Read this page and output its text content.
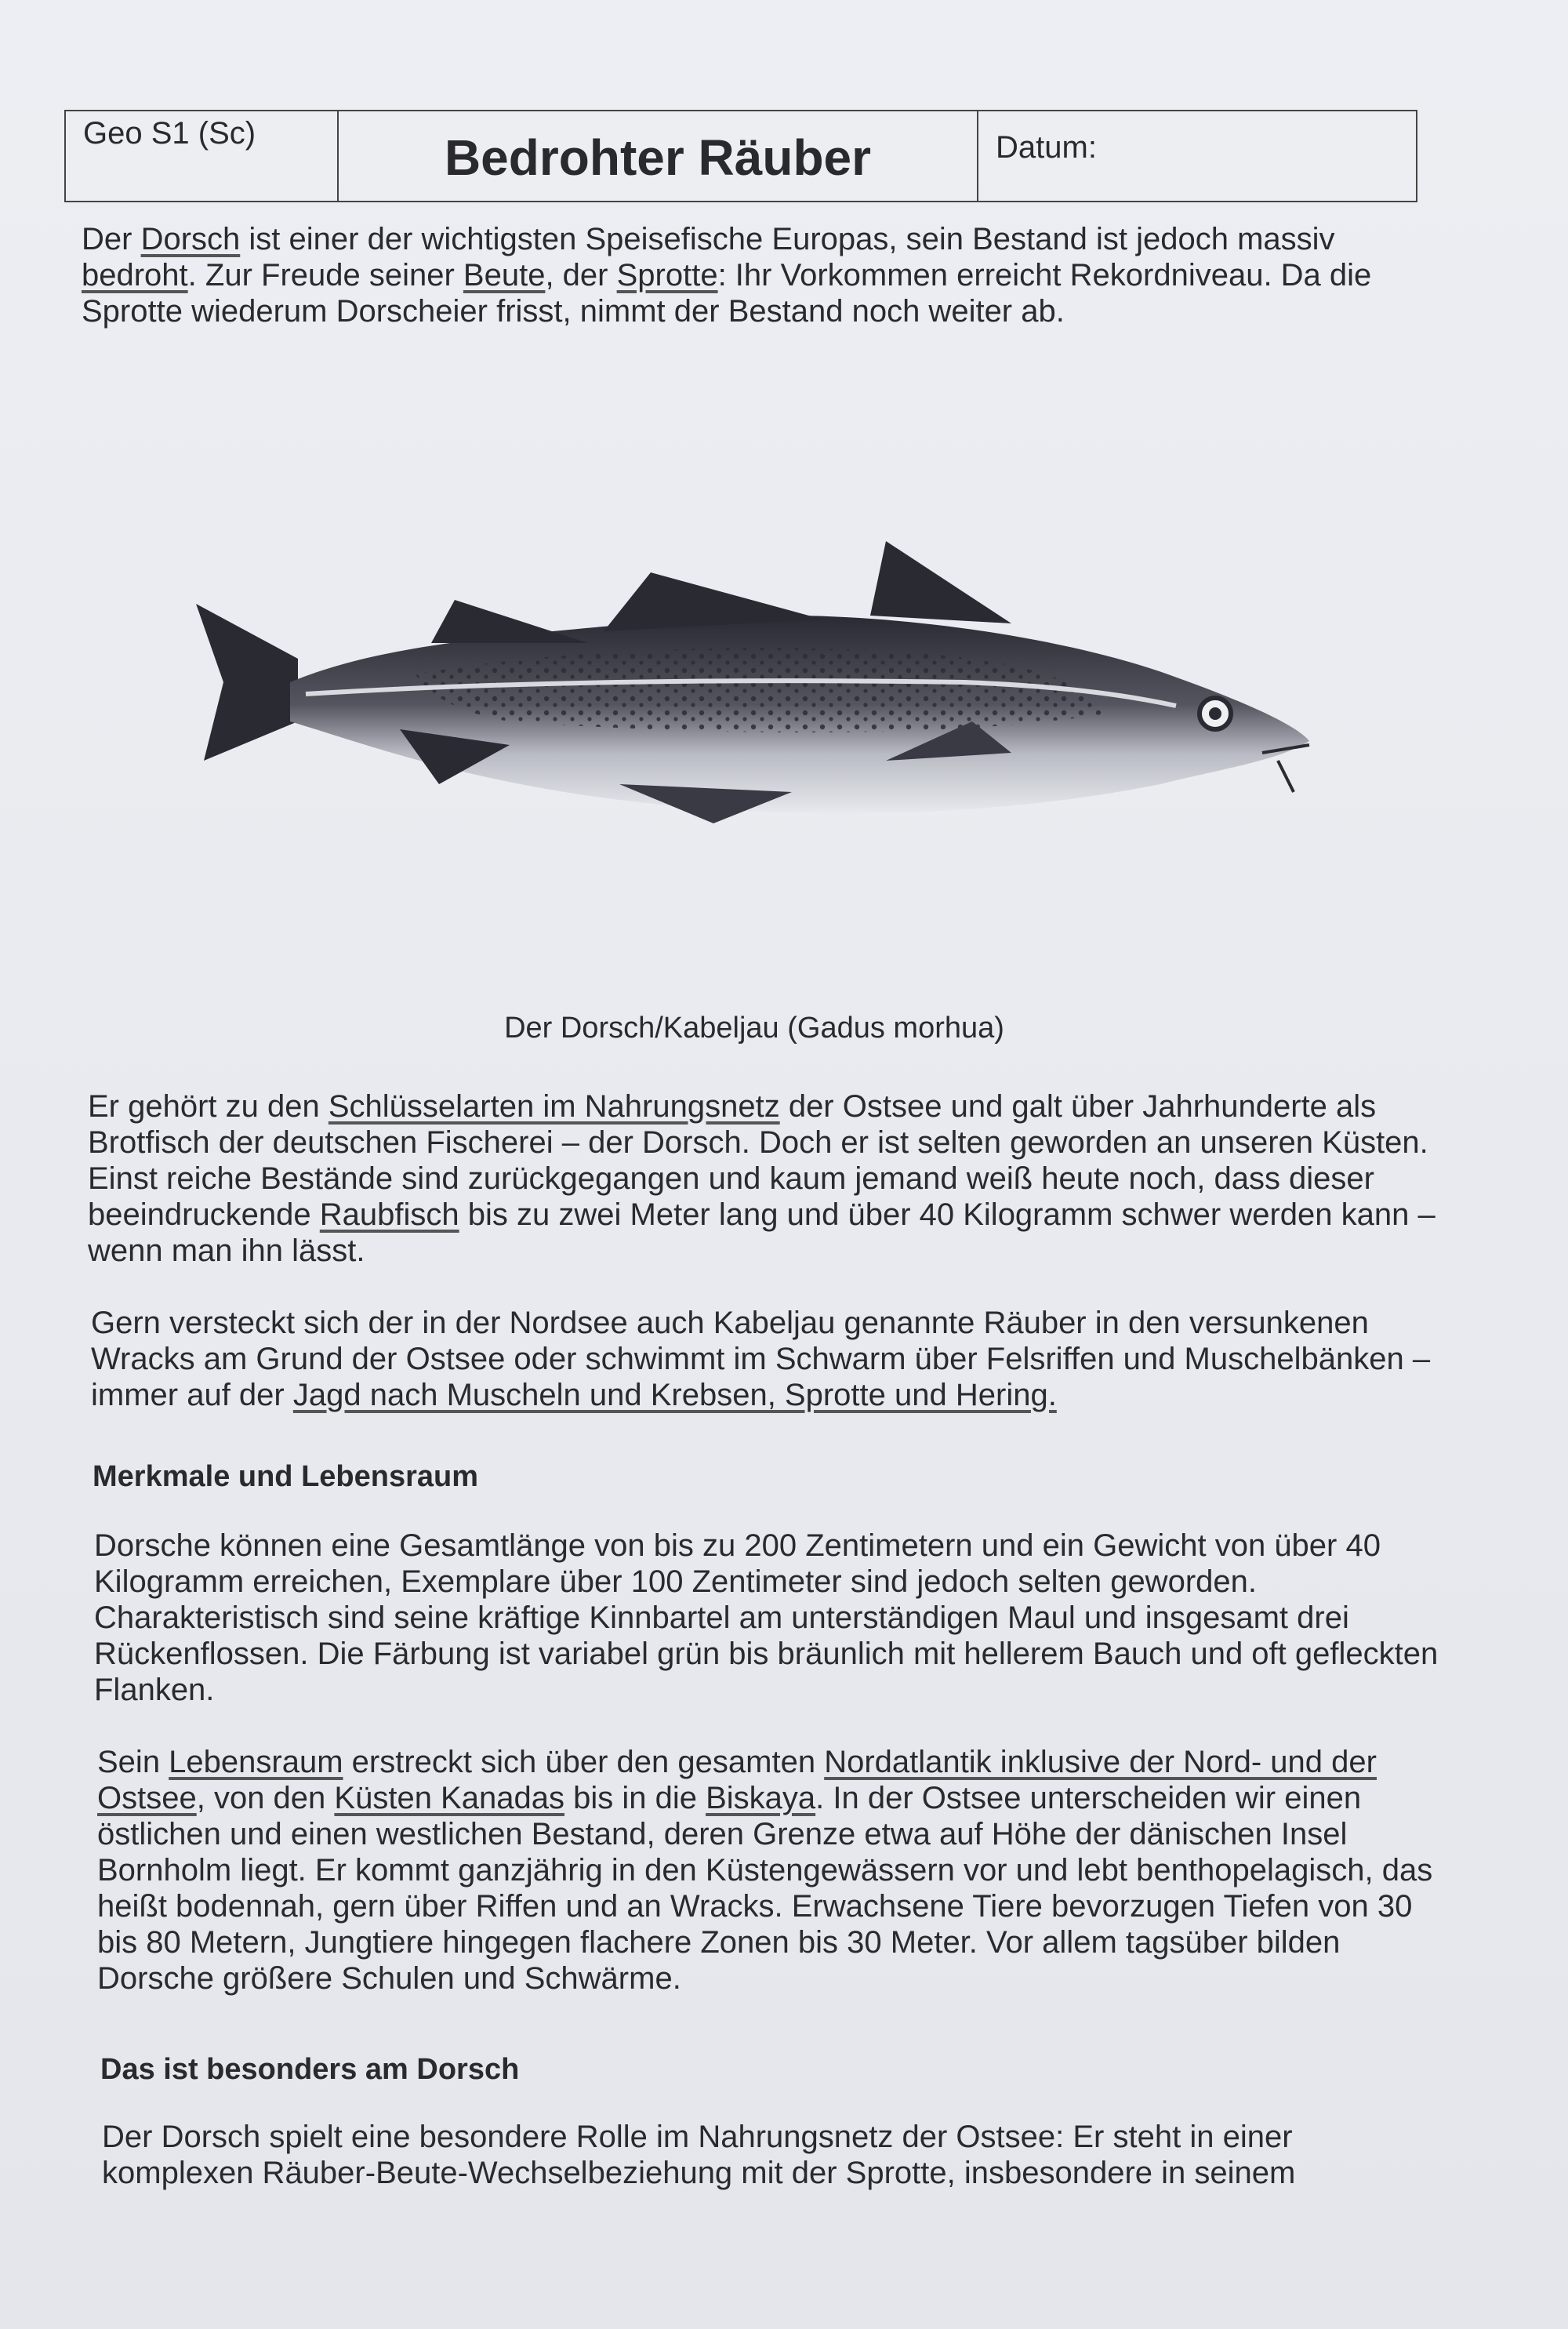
Geo S1 (Sc)	Bedrohter Räuber	Datum:

Der Dorsch ist einer der wichtigsten Speisefische Europas, sein Bestand ist jedoch massiv bedroht. Zur Freude seiner Beute, der Sprotte: Ihr Vorkommen erreicht Rekordniveau. Da die Sprotte wiederum Dorscheier frisst, nimmt der Bestand noch weiter ab.

Der Dorsch/Kabeljau (Gadus morhua)

Er gehört zu den Schlüsselarten im Nahrungsnetz der Ostsee und galt über Jahrhunderte als Brotfisch der deutschen Fischerei – der Dorsch. Doch er ist selten geworden an unseren Küsten. Einst reiche Bestände sind zurückgegangen und kaum jemand weiß heute noch, dass dieser beeindruckende Raubfisch bis zu zwei Meter lang und über 40 Kilogramm schwer werden kann – wenn man ihn lässt.

Gern versteckt sich der in der Nordsee auch Kabeljau genannte Räuber in den versunkenen Wracks am Grund der Ostsee oder schwimmt im Schwarm über Felsriffen und Muschelbänken – immer auf der Jagd nach Muscheln und Krebsen, Sprotte und Hering.

Merkmale und Lebensraum

Dorsche können eine Gesamtlänge von bis zu 200 Zentimetern und ein Gewicht von über 40 Kilogramm erreichen, Exemplare über 100 Zentimeter sind jedoch selten geworden. Charakteristisch sind seine kräftige Kinnbartel am unterständigen Maul und insgesamt drei Rückenflossen. Die Färbung ist variabel grün bis bräunlich mit hellerem Bauch und oft gefleckten Flanken.

Sein Lebensraum erstreckt sich über den gesamten Nordatlantik inklusive der Nord- und der Ostsee, von den Küsten Kanadas bis in die Biskaya. In der Ostsee unterscheiden wir einen östlichen und einen westlichen Bestand, deren Grenze etwa auf Höhe der dänischen Insel Bornholm liegt. Er kommt ganzjährig in den Küstengewässern vor und lebt benthopelagisch, das heißt bodennah, gern über Riffen und an Wracks. Erwachsene Tiere bevorzugen Tiefen von 30 bis 80 Metern, Jungtiere hingegen flachere Zonen bis 30 Meter. Vor allem tagsüber bilden Dorsche größere Schulen und Schwärme.

Das ist besonders am Dorsch

Der Dorsch spielt eine besondere Rolle im Nahrungsnetz der Ostsee: Er steht in einer komplexen Räuber-Beute-Wechselbeziehung mit der Sprotte, insbesondere in seinem
